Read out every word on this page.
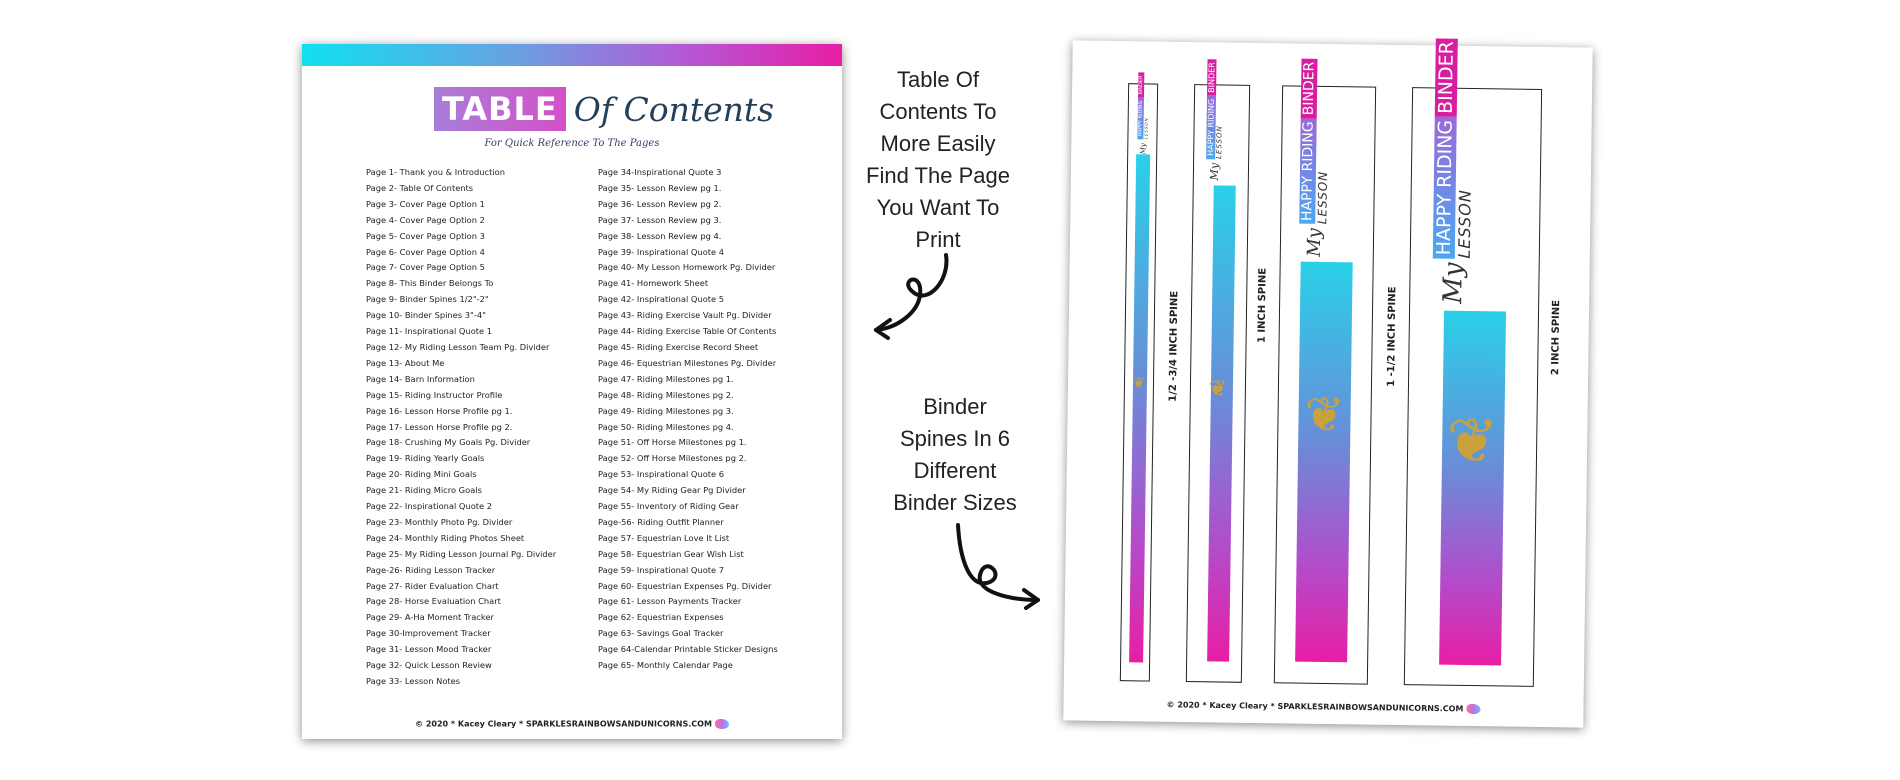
TABLE Of Contents
For Quick Reference To The Pages
Page 1- Thank you & Introduction
Page 2- Table Of Contents
Page 3- Cover Page Option 1
Page 4- Cover Page Option 2
Page 5- Cover Page Option 3
Page 6- Cover Page Option 4
Page 7- Cover Page Option 5
Page 8- This Binder Belongs To
Page 9- Binder Spines 1/2"-2"
Page 10- Binder Spines 3"-4"
Page 11- Inspirational Quote 1
Page 12- My Riding Lesson Team Pg. Divider
Page 13- About Me
Page 14- Barn Information
Page 15- Riding Instructor Profile
Page 16- Lesson Horse Profile pg 1.
Page 17- Lesson Horse Profile pg 2.
Page 18- Crushing My Goals Pg. Divider
Page 19- Riding Yearly Goals
Page 20- Riding Mini Goals
Page 21- Riding Micro Goals
Page 22- Inspirational Quote 2
Page 23- Monthly Photo Pg. Divider
Page 24- Monthly Riding Photos Sheet
Page 25- My Riding Lesson Journal Pg. Divider
Page-26- Riding Lesson Tracker
Page 27- Rider Evaluation Chart
Page 28- Horse Evaluation Chart
Page 29- A-Ha Moment Tracker
Page 30-Improvement Tracker
Page 31- Lesson Mood Tracker
Page 32- Quick Lesson Review
Page 33- Lesson Notes
Page 34-Inspirational Quote 3
Page 35- Lesson Review pg 1.
Page 36- Lesson Review pg 2.
Page 37- Lesson Review pg 3.
Page 38- Lesson Review pg 4.
Page 39- Inspirational Quote 4
Page 40- My Lesson Homework Pg. Divider
Page 41- Homework Sheet
Page 42- Inspirational Quote 5
Page 43- Riding Exercise Vault Pg. Divider
Page 44- Riding Exercise Table Of Contents
Page 45- Riding Exercise Record Sheet
Page 46- Equestrian Milestones Pg. Divider
Page 47- Riding Milestones pg 1.
Page 48- Riding Milestones pg 2.
Page 49- Riding Milestones pg 3.
Page 50- Riding Milestones pg 4.
Page 51- Off Horse Milestones pg 1.
Page 52- Off Horse Milestones pg 2.
Page 53- Inspirational Quote 6
Page 54- My Riding Gear Pg Divider
Page 55- Inventory of Riding Gear
Page-56- Riding Outfit Planner
Page 57- Equestrian Love It List
Page 58- Equestrian Gear Wish List
Page 59- Inspirational Quote 7
Page 60- Equestrian Expenses Pg. Divider
Page 61- Lesson Payments Tracker
Page 62- Equestrian Expenses
Page 63- Savings Goal Tracker
Page 64-Calendar Printable Sticker Designs
Page 65- Monthly Calendar Page
© 2020 * Kacey Cleary * SPARKLESRAINBOWSANDUNICORNS.COM
Table Of
Contents To
More Easily
Find The Page
You Want To
Print
Binder
Spines In 6
Different
Binder Sizes
My
HAPPY RIDING
BINDER
LESSON
❦ 1/2 -3/4 INCH SPINE
My
HAPPY RIDING
BINDER
LESSON
❦
1 INCH SPINE
My
HAPPY RIDING
BINDER
LESSON
❦
1 -1/2 INCH SPINE
My
HAPPY RIDING
BINDER
LESSON
❦
2 INCH SPINE
© 2020 * Kacey Cleary * SPARKLESRAINBOWSANDUNICORNS.COM
